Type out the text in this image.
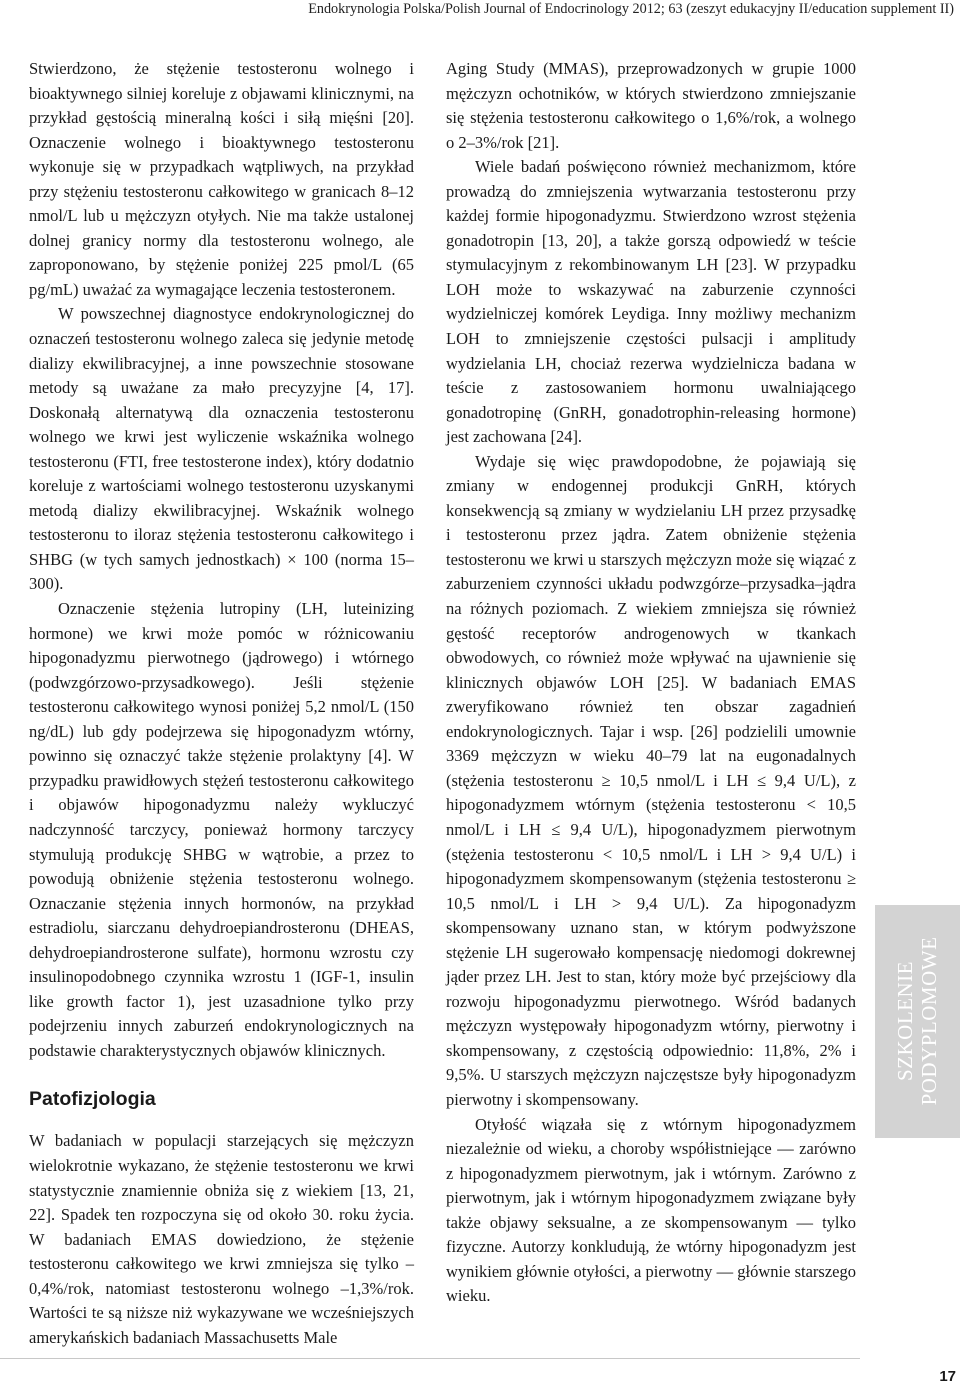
Endokrynologia Polska/Polish Journal of Endocrinology 2012; 63 (zeszyt edukacyjny II/education supplement II)

Stwierdzono, że stężenie testosteronu wolnego i bioaktywnego silniej koreluje z objawami klinicznymi, na przykład gęstością mineralną kości i siłą mięśni [20]. Oznaczenie wolnego i bioaktywnego testosteronu wykonuje się w przypadkach wątpliwych, na przykład przy stężeniu testosteronu całkowitego w granicach 8–12 nmol/L lub u mężczyzn otyłych. Nie ma także ustalonej dolnej granicy normy dla testosteronu wolnego, ale zaproponowano, by stężenie poniżej 225 pmol/L (65 pg/mL) uważać za wymagające leczenia testosteronem.

W powszechnej diagnostyce endokrynologicznej do oznaczeń testosteronu wolnego zaleca się jedynie metodę dializy ekwilibracyjnej, a inne powszechnie stosowane metody są uważane za mało precyzyjne [4, 17]. Doskonałą alternatywą dla oznaczenia testosteronu wolnego we krwi jest wyliczenie wskaźnika wolnego testosteronu (FTI, free testosterone index), który dodatnio koreluje z wartościami wolnego testosteronu uzyskanymi metodą dializy ekwilibracyjnej. Wskaźnik wolnego testosteronu to iloraz stężenia testosteronu całkowitego i SHBG (w tych samych jednostkach) × 100 (norma 15–300).

Oznaczenie stężenia lutropiny (LH, luteinizing hormone) we krwi może pomóc w różnicowaniu hipogonadyzmu pierwotnego (jądrowego) i wtórnego (podwzgórzowo-przysadkowego). Jeśli stężenie testosteronu całkowitego wynosi poniżej 5,2 nmol/L (150 ng/dL) lub gdy podejrzewa się hipogonadyzm wtórny, powinno się oznaczyć także stężenie prolaktyny [4]. W przypadku prawidłowych stężeń testosteronu całkowitego i objawów hipogonadyzmu należy wykluczyć nadczynność tarczycy, ponieważ hormony tarczycy stymulują produkcję SHBG w wątrobie, a przez to powodują obniżenie stężenia testosteronu wolnego. Oznaczanie stężenia innych hormonów, na przykład estradiolu, siarczanu dehydroepiandrosteronu (DHEAS, dehydroepiandrosterone sulfate), hormonu wzrostu czy insulinopodobnego czynnika wzrostu 1 (IGF-1, insulin like growth factor 1), jest uzasadnione tylko przy podejrzeniu innych zaburzeń endokrynologicznych na podstawie charakterystycznych objawów klinicznych.

Patofizjologia

W badaniach w populacji starzejących się mężczyzn wielokrotnie wykazano, że stężenie testosteronu we krwi statystycznie znamiennie obniża się z wiekiem [13, 21, 22]. Spadek ten rozpoczyna się od około 30. roku życia. W badaniach EMAS dowiedziono, że stężenie testosteronu całkowitego we krwi zmniejsza się tylko –0,4%/rok, natomiast testosteronu wolnego –1,3%/rok. Wartości te są niższe niż wykazywane we wcześniejszych amerykańskich badaniach Massachusetts Male

Aging Study (MMAS), przeprowadzonych w grupie 1000 mężczyzn ochotników, w których stwierdzono zmniejszanie się stężenia testosteronu całkowitego o 1,6%/rok, a wolnego o 2–3%/rok [21].

Wiele badań poświęcono również mechanizmom, które prowadzą do zmniejszenia wytwarzania testosteronu przy każdej formie hipogonadyzmu. Stwierdzono wzrost stężenia gonadotropin [13, 20], a także gorszą odpowiedź w teście stymulacyjnym z rekombinowanym LH [23]. W przypadku LOH może to wskazywać na zaburzenie czynności wydzielniczej komórek Leydiga. Inny możliwy mechanizm LOH to zmniejszenie częstości pulsacji i amplitudy wydzielania LH, chociaż rezerwa wydzielnicza badana w teście z zastosowaniem hormonu uwalniającego gonadotropinę (GnRH, gonadotrophin-releasing hormone) jest zachowana [24].

Wydaje się więc prawdopodobne, że pojawiają się zmiany w endogennej produkcji GnRH, których konsekwencją są zmiany w wydzielaniu LH przez przysadkę i testosteronu przez jądra. Zatem obniżenie stężenia testosteronu we krwi u starszych mężczyzn może się wiązać z zaburzeniem czynności układu podwzgórze–przysadka–jądra na różnych poziomach. Z wiekiem zmniejsza się również gęstość receptorów androgenowych w tkankach obwodowych, co również może wpływać na ujawnienie się klinicznych objawów LOH [25]. W badaniach EMAS zweryfikowano również ten obszar zagadnień endokrynologicznych. Tajar i wsp. [26] podzielili umownie 3369 mężczyzn w wieku 40–79 lat na eugonadalnych (stężenia testosteronu ≥ 10,5 nmol/L i LH ≤ 9,4 U/L), z hipogonadyzmem wtórnym (stężenia testosteronu < 10,5 nmol/L i LH ≤ 9,4 U/L), hipogonadyzmem pierwotnym (stężenia testosteronu < 10,5 nmol/L i LH > 9,4 U/L) i hipogonadyzmem skompensowanym (stężenia testosteronu ≥ 10,5 nmol/L i LH > 9,4 U/L). Za hipogonadyzm skompensowany uznano stan, w którym podwyższone stężenie LH sugerowało kompensację niedomogi dokrewnej jąder przez LH. Jest to stan, który może być przejściowy dla rozwoju hipogonadyzmu pierwotnego. Wśród badanych mężczyzn występowały hipogonadyzm wtórny, pierwotny i skompensowany, z częstością odpowiednio: 11,8%, 2% i 9,5%. U starszych mężczyzn najczęstsze były hipogonadyzm pierwotny i skompensowany.

Otyłość wiązała się z wtórnym hipogonadyzmem niezależnie od wieku, a choroby współistniejące — zarówno z hipogonadyzmem pierwotnym, jak i wtórnym. Zarówno z pierwotnym, jak i wtórnym hipogonadyzmem związane były także objawy seksualne, a ze skompensowanym — tylko fizyczne. Autorzy konkludują, że wtórny hipogonadyzm jest wynikiem głównie otyłości, a pierwotny — głównie starszego wieku.

SZKOLENIE PODYPLOMOWE
17
